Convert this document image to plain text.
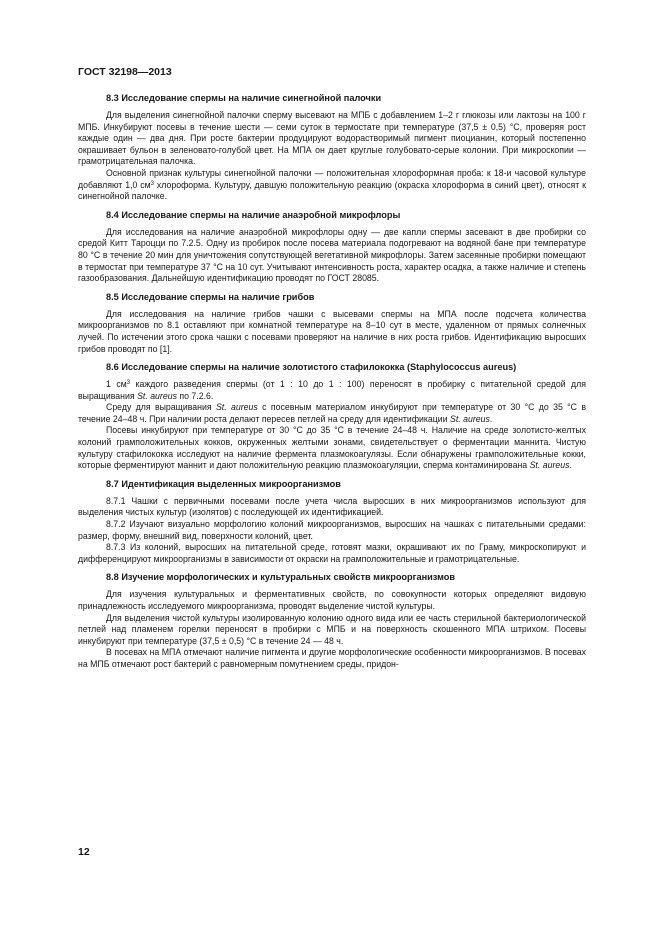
ГОСТ 32198—2013

8.3 Исследование спермы на наличие синегнойной палочки

Для выделения синегнойной палочки сперму высевают на МПБ с добавлением 1–2 г глюкозы или лактозы на 100 г МПБ. Инкубируют посевы в течение шести — семи суток в термостате при температуре (37,5 ± 0,5) °С, проверяя рост каждые один — два дня. При росте бактерии продуцируют водорастворимый пигмент пиоцианин, который постепенно окрашивает бульон в зеленовато-голубой цвет. На МПА он дает круглые голубовато-серые колонии. При микроскопии — грамотрицательная палочка.

Основной признак культуры синегнойной палочки — положительная хлороформная проба: к 18-и часовой культуре добавляют 1,0 $см^3$ хлороформа. Культуру, давшую положительную реакцию (окраска хлороформа в синий цвет), относят к синегнойной палочке.

8.4 Исследование спермы на наличие анаэробной микрофлоры

Для исследования на наличие анаэробной микрофлоры одну — две капли спермы засевают в две пробирки со средой Китт Тароцци по 7.2.5. Одну из пробирок после посева материала подогревают на водяной бане при температуре 80 °С в течение 20 мин для уничтожения сопутствующей вегетативной микрофлоры. Затем засеянные пробирки помещают в термостат при температуре 37 °С на 10 сут. Учитывают интенсивность роста, характер осадка, а также наличие и степень газообразования. Дальнейшую идентификацию проводят по ГОСТ 28085.

8.5 Исследование спермы на наличие грибов

Для исследования на наличие грибов чашки с высевами спермы на МПА после подсчета количества микроорганизмов по 8.1 оставляют при комнатной температуре на 8–10 сут в месте, удаленном от прямых солнечных лучей. По истечении этого срока чашки с посевами проверяют на наличие в них роста грибов. Идентификацию выросших грибов проводят по [1].

8.6 Исследование спермы на наличие золотистого стафилококка (Staphylococcus aureus)

1 $см^3$ каждого разведения спермы (от 1 : 10 до 1 : 100) переносят в пробирку с питательной средой для выращивания St. aureus по 7.2.6.

Среду для выращивания St. aureus с посевным материалом инкубируют при температуре от 30 °С до 35 °С в течение 24–48 ч. При наличии роста делают пересев петлей на среду для идентификации St. aureus.

Посевы инкубируют при температуре от 30 °С до 35 °С в течение 24–48 ч. Наличие на среде золотисто-желтых колоний грамположительных кокков, окруженных желтыми зонами, свидетельствует о ферментации маннита. Чистую культуру стафилококка исследуют на наличие фермента плазмокоагулязы. Если обнаружены грамположительные кокки, которые ферментируют маннит и дают положительную реакцию плазмокоагуляции, сперма контаминирована St. aureus.

8.7 Идентификация выделенных микроорганизмов

8.7.1 Чашки с первичными посевами после учета числа выросших в них микроорганизмов используют для выделения чистых культур (изолятов) с последующей их идентификацией.

8.7.2 Изучают визуально морфологию колоний микроорганизмов, выросших на чашках с питательными средами: размер, форму, внешний вид, поверхности колоний, цвет.

8.7.3 Из колоний, выросших на питательной среде, готовят мазки, окрашивают их по Граму, микроскопируют и дифференцируют микроорганизмы в зависимости от окраски на грамположительные и грамотрицательные.

8.8 Изучение морфологических и культуральных свойств микроорганизмов

Для изучения культуральных и ферментативных свойств, по совокупности которых определяют видовую принадлежность исследуемого микроорганизма, проводят выделение чистой культуры.

Для выделения чистой культуры изолированную колонию одного вида или ее часть стерильной бактериологической петлей над пламенем горелки переносят в пробирки с МПБ и на поверхность скошенного МПА штрихом. Посевы инкубируют при температуре (37,5 ± 0,5) °С в течение 24 — 48 ч.

В посевах на МПА отмечают наличие пигмента и другие морфологические особенности микроорганизмов. В посевах на МПБ отмечают рост бактерий с равномерным помутнением среды, придон-

12
